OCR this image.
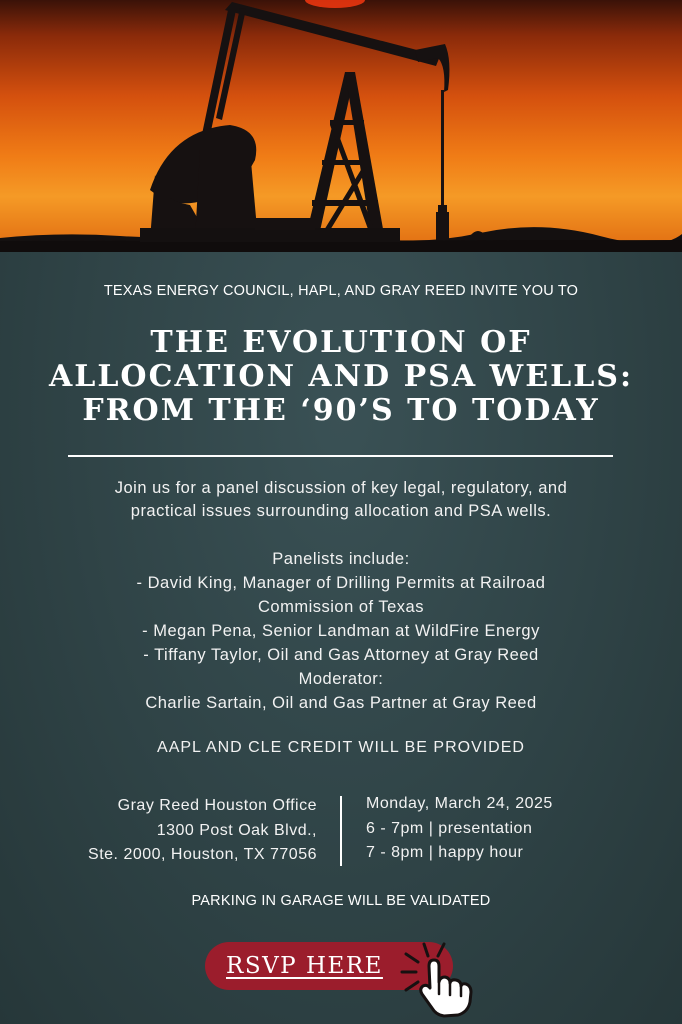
TEXAS ENERGY COUNCIL, HAPL, AND GRAY REED INVITE YOU TO
THE EVOLUTION OF
ALLOCATION AND PSA WELLS:
FROM THE ‘90’S TO TODAY
Join us for a panel discussion of key legal, regulatory, and
practical issues surrounding allocation and PSA wells.
Panelists include:
- David King, Manager of Drilling Permits at Railroad
Commission of Texas
- Megan Pena, Senior Landman at WildFire Energy
- Tiffany Taylor, Oil and Gas Attorney at Gray Reed
Moderator:
Charlie Sartain, Oil and Gas Partner at Gray Reed
AAPL AND CLE CREDIT WILL BE PROVIDED
Gray Reed Houston Office
1300 Post Oak Blvd.,
Ste. 2000, Houston, TX 77056
Monday, March 24, 2025
6 - 7pm | presentation
7 - 8pm | happy hour
PARKING IN GARAGE WILL BE VALIDATED
RSVP HERE
